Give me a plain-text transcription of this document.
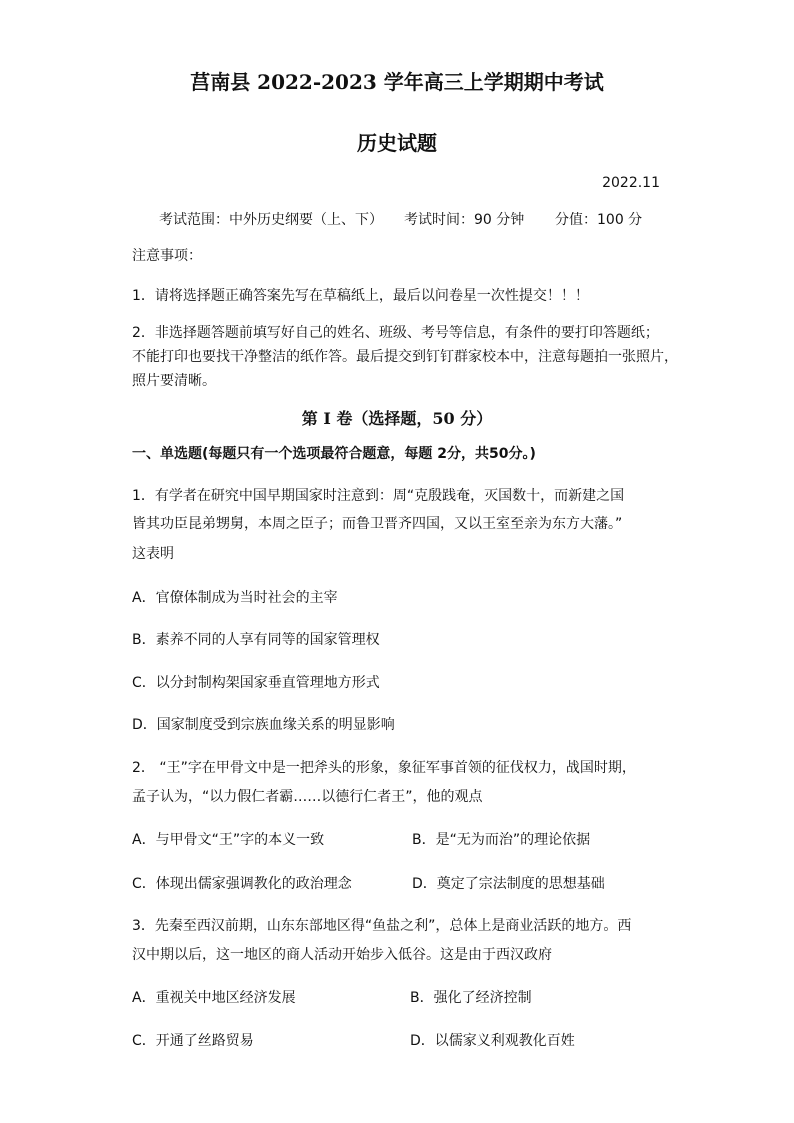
莒南县 2022-2023 学年高三上学期期中考试
历史试题
2022.11
考试范围：中外历史纲要（上、下） 考试时间：90 分钟 分值：100 分
注意事项：
1．请将选择题正确答案先写在草稿纸上，最后以问卷星一次性提交！！！
2．非选择题答题前填写好自己的姓名、班级、考号等信息，有条件的要打印答题纸；
不能打印也要找干净整洁的纸作答。最后提交到钉钉群家校本中，注意每题拍一张照片，
照片要清晰。
第 I 卷（选择题，50 分）
一、单选题(每题只有一个选项最符合题意，每题 2分，共50分。)
1．有学者在研究中国早期国家时注意到：周“克殷践奄，灭国数十，而新建之国
皆其功臣昆弟甥舅，本周之臣子；而鲁卫晋齐四国，又以王室至亲为东方大藩。”
这表明
A．官僚体制成为当时社会的主宰
B．素养不同的人享有同等的国家管理权
C．以分封制构架国家垂直管理地方形式
D．国家制度受到宗族血缘关系的明显影响
2． “王”字在甲骨文中是一把斧头的形象，象征军事首领的征伐权力，战国时期，
孟子认为，“以力假仁者霸……以德行仁者王”，他的观点
A．与甲骨文“王”字的本义一致	B．是“无为而治”的理论依据
C．体现出儒家强调教化的政治理念	D．奠定了宗法制度的思想基础
3．先秦至西汉前期，山东东部地区得“鱼盐之利”，总体上是商业活跃的地方。西
汉中期以后，这一地区的商人活动开始步入低谷。这是由于西汉政府
A．重视关中地区经济发展	B．强化了经济控制
C．开通了丝路贸易	D．以儒家义利观教化百姓
